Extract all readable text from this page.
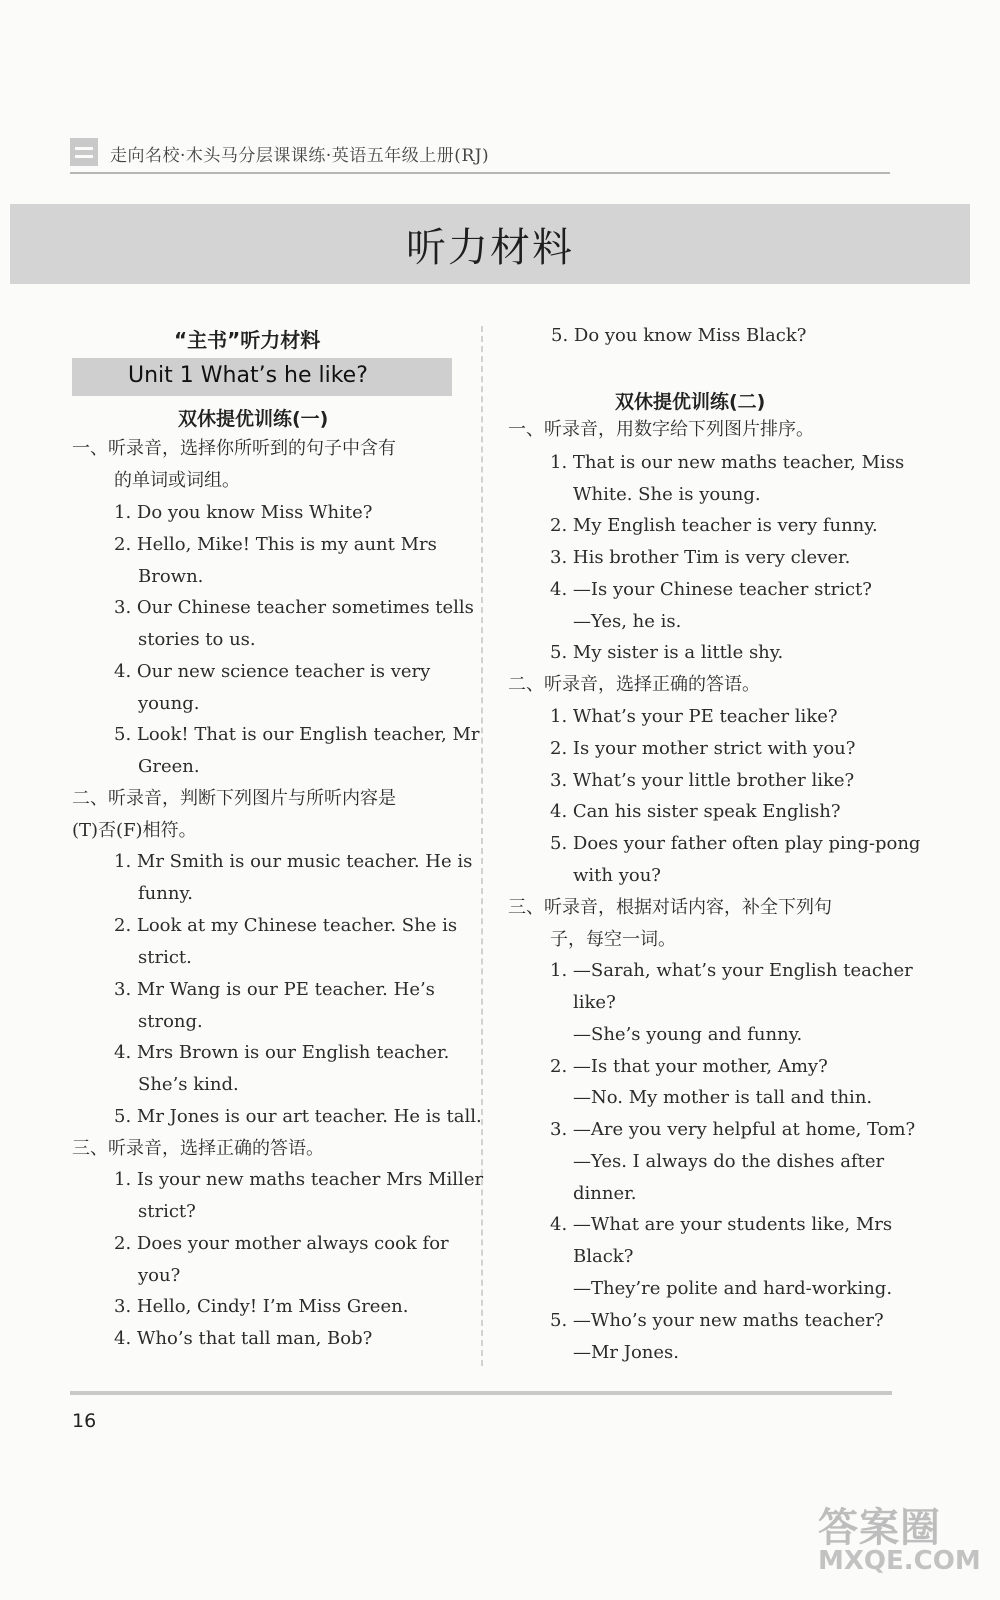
走向名校·木头马分层课课练·英语五年级上册(RJ)
听力材料
“主书”听力材料
Unit 1 What’s he like?
双休提优训练(一)
一、听录音，选择你所听到的句子中含有
的单词或词组。
1. Do you know Miss White?
2. Hello, Mike! This is my aunt Mrs
Brown.
3. Our Chinese teacher sometimes tells
stories to us.
4. Our new science teacher is very
young.
5. Look! That is our English teacher, Mr
Green.
二、听录音，判断下列图片与所听内容是
(T)否(F)相符。
1. Mr Smith is our music teacher. He is
funny.
2. Look at my Chinese teacher. She is
strict.
3. Mr Wang is our PE teacher. He’s
strong.
4. Mrs Brown is our English teacher.
She’s kind.
5. Mr Jones is our art teacher. He is tall.
三、听录音，选择正确的答语。
1. Is your new maths teacher Mrs Miller
strict?
2. Does your mother always cook for
you?
3. Hello, Cindy! I’m Miss Green.
4. Who’s that tall man, Bob?
5. Do you know Miss Black?
双休提优训练(二)
一、听录音，用数字给下列图片排序。
1. That is our new maths teacher, Miss
White. She is young.
2. My English teacher is very funny.
3. His brother Tim is very clever.
4. —Is your Chinese teacher strict?
—Yes, he is.
5. My sister is a little shy.
二、听录音，选择正确的答语。
1. What’s your PE teacher like?
2. Is your mother strict with you?
3. What’s your little brother like?
4. Can his sister speak English?
5. Does your father often play ping-pong
with you?
三、听录音，根据对话内容，补全下列句
子，每空一词。
1. —Sarah, what’s your English teacher
like?
—She’s young and funny.
2. —Is that your mother, Amy?
—No. My mother is tall and thin.
3. —Are you very helpful at home, Tom?
—Yes. I always do the dishes after
dinner.
4. —What are your students like, Mrs
Black?
—They’re polite and hard-working.
5. —Who’s your new maths teacher?
—Mr Jones.
16
答案圈
MXQE.COM
